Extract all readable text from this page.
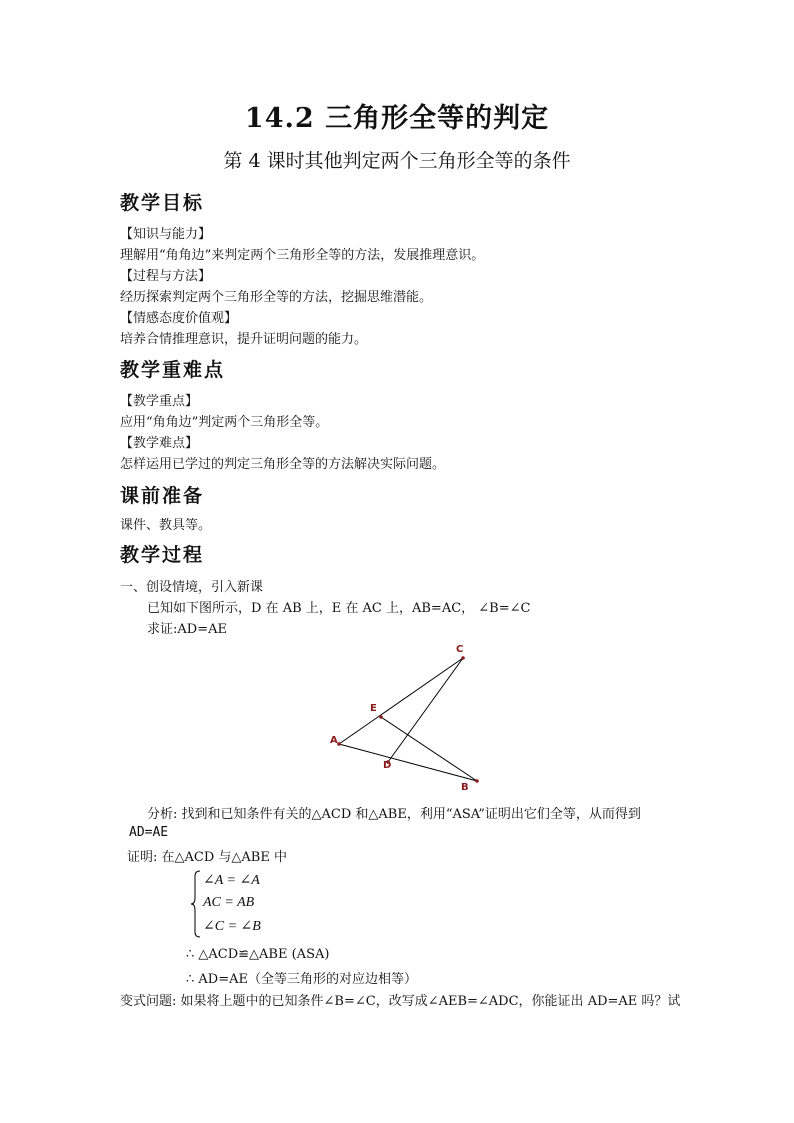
14.2 三角形全等的判定
第 4 课时其他判定两个三角形全等的条件
教学目标
【知识与能力】
理解用“角角边”来判定两个三角形全等的方法，发展推理意识。
【过程与方法】
经历探索判定两个三角形全等的方法，挖掘思维潜能。
【情感态度价值观】
培养合情推理意识，提升证明问题的能力。
教学重难点
【教学重点】
应用“角角边”判定两个三角形全等。
【教学难点】
怎样运用已学过的判定三角形全等的方法解决实际问题。
课前准备
课件、教具等。
教学过程
一、创设情境，引入新课
已知如下图所示，D 在 AB 上，E 在 AC 上，AB=AC， ∠B=∠C
求证:AD=AE
A
B
C
D
E
分析: 找到和已知条件有关的△ACD 和△ABE，利用“ASA”证明出它们全等，从而得到
AD=AE
证明: 在△ACD 与△ABE 中
∠A = ∠A
AC = AB
∠C = ∠B
∴ △ACD≌△ABE (ASA)
∴ AD=AE（全等三角形的对应边相等）
变式问题: 如果将上题中的已知条件∠B=∠C，改写成∠AEB=∠ADC，你能证出 AD=AE 吗？试
